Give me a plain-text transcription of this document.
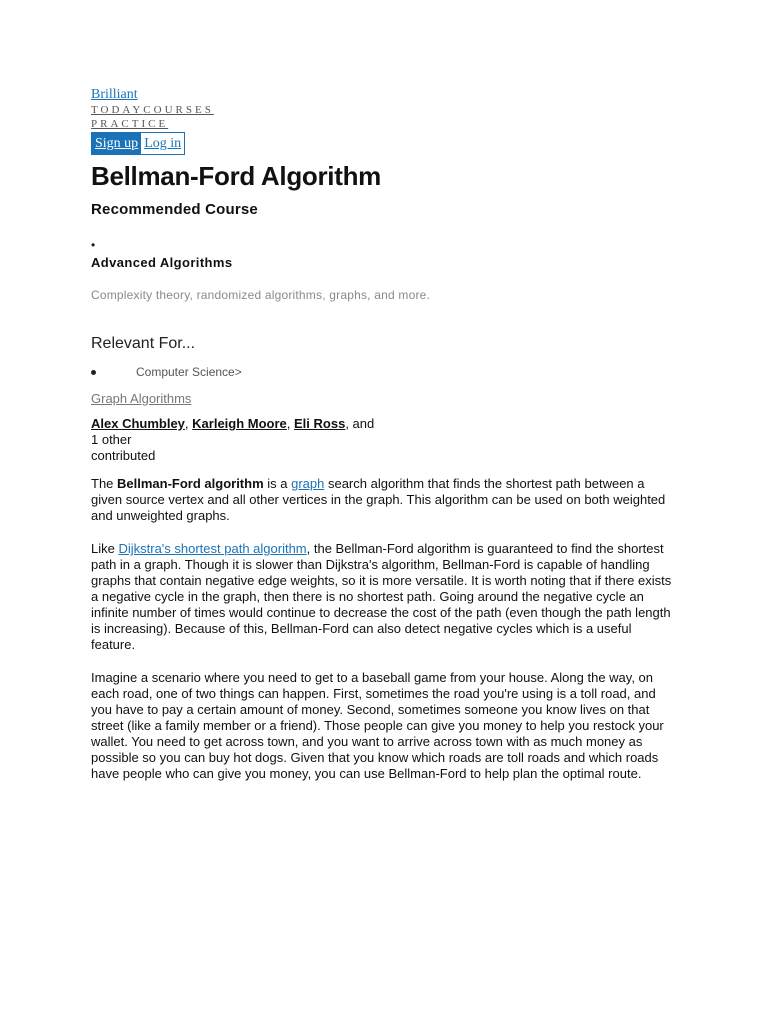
Brilliant
TODAYCOURSES
PRACTICE
Sign up Log in
Bellman-Ford Algorithm
Recommended Course
•
Advanced Algorithms
Complexity theory, randomized algorithms, graphs, and more.
Relevant For...
Computer Science >
Graph Algorithms
Alex Chumbley, Karleigh Moore, Eli Ross, and
1 other
contributed

The Bellman-Ford algorithm is a graph search algorithm that finds the shortest path between a given source vertex and all other vertices in the graph. This algorithm can be used on both weighted and unweighted graphs.

Like Dijkstra's shortest path algorithm, the Bellman-Ford algorithm is guaranteed to find the shortest path in a graph. Though it is slower than Dijkstra's algorithm, Bellman-Ford is capable of handling graphs that contain negative edge weights, so it is more versatile. It is worth noting that if there exists a negative cycle in the graph, then there is no shortest path. Going around the negative cycle an infinite number of times would continue to decrease the cost of the path (even though the path length is increasing). Because of this, Bellman-Ford can also detect negative cycles which is a useful feature.

Imagine a scenario where you need to get to a baseball game from your house. Along the way, on each road, one of two things can happen. First, sometimes the road you're using is a toll road, and you have to pay a certain amount of money. Second, sometimes someone you know lives on that street (like a family member or a friend). Those people can give you money to help you restock your wallet. You need to get across town, and you want to arrive across town with as much money as possible so you can buy hot dogs. Given that you know which roads are toll roads and which roads have people who can give you money, you can use Bellman-Ford to help plan the optimal route.
